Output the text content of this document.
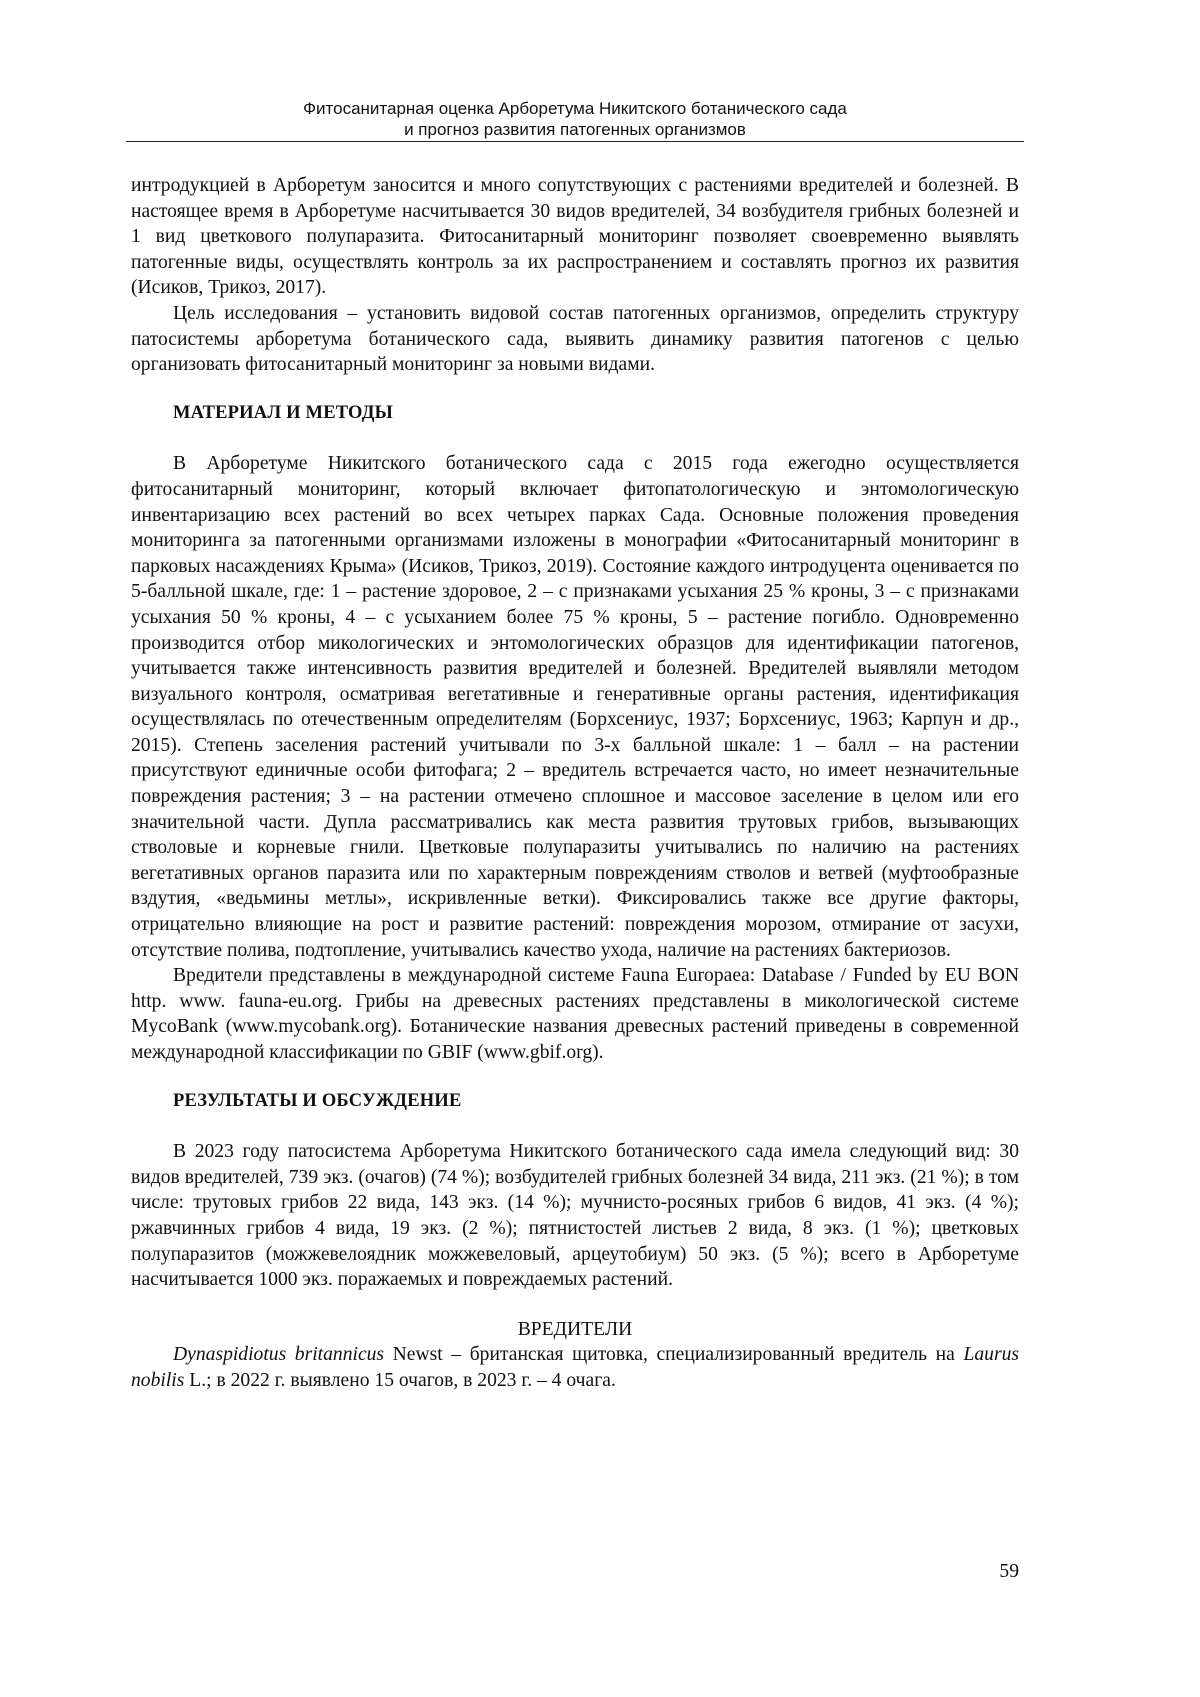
Фитосанитарная оценка Арборетума Никитского ботанического сада
и прогноз развития патогенных организмов

интродукцией в Арборетум заносится и много сопутствующих с растениями вредителей и болезней. В настоящее время в Арборетуме насчитывается 30 видов вредителей, 34 возбудителя грибных болезней и 1 вид цветкового полупаразита. Фитосанитарный мониторинг позволяет своевременно выявлять патогенные виды, осуществлять контроль за их распространением и составлять прогноз их развития (Исиков, Трикоз, 2017).

Цель исследования – установить видовой состав патогенных организмов, определить структуру патосистемы арборетума ботанического сада, выявить динамику развития патогенов с целью организовать фитосанитарный мониторинг за новыми видами.

МАТЕРИАЛ И МЕТОДЫ

В Арборетуме Никитского ботанического сада с 2015 года ежегодно осуществляется фитосанитарный мониторинг, который включает фитопатологическую и энтомологическую инвентаризацию всех растений во всех четырех парках Сада. Основные положения проведения мониторинга за патогенными организмами изложены в монографии «Фитосанитарный мониторинг в парковых насаждениях Крыма» (Исиков, Трикоз, 2019). Состояние каждого интродуцента оценивается по 5-балльной шкале, где: 1 – растение здоровое, 2 – с признаками усыхания 25 % кроны, 3 – с признаками усыхания 50 % кроны, 4 – с усыханием более 75 % кроны, 5 – растение погибло. Одновременно производится отбор микологических и энтомологических образцов для идентификации патогенов, учитывается также интенсивность развития вредителей и болезней. Вредителей выявляли методом визуального контроля, осматривая вегетативные и генеративные органы растения, идентификация осуществлялась по отечественным определителям (Борхсениус, 1937; Борхсениус, 1963; Карпун и др., 2015). Степень заселения растений учитывали по 3-х балльной шкале: 1 – балл – на растении присутствуют единичные особи фитофага; 2 – вредитель встречается часто, но имеет незначительные повреждения растения; 3 – на растении отмечено сплошное и массовое заселение в целом или его значительной части. Дупла рассматривались как места развития трутовых грибов, вызывающих стволовые и корневые гнили. Цветковые полупаразиты учитывались по наличию на растениях вегетативных органов паразита или по характерным повреждениям стволов и ветвей (муфтообразные вздутия, «ведьмины метлы», искривленные ветки). Фиксировались также все другие факторы, отрицательно влияющие на рост и развитие растений: повреждения морозом, отмирание от засухи, отсутствие полива, подтопление, учитывались качество ухода, наличие на растениях бактериозов.

Вредители представлены в международной системе Fauna Europaea: Database / Funded by EU BON http. www. fauna-eu.org. Грибы на древесных растениях представлены в микологической системе MycoBank (www.mycobank.org). Ботанические названия древесных растений приведены в современной международной классификации по GBIF (www.gbif.org).

РЕЗУЛЬТАТЫ И ОБСУЖДЕНИЕ

В 2023 году патосистема Арборетума Никитского ботанического сада имела следующий вид: 30 видов вредителей, 739 экз. (очагов) (74 %); возбудителей грибных болезней 34 вида, 211 экз. (21 %); в том числе: трутовых грибов 22 вида, 143 экз. (14 %); мучнисто-росяных грибов 6 видов, 41 экз. (4 %); ржавчинных грибов 4 вида, 19 экз. (2 %); пятнистостей листьев 2 вида, 8 экз. (1 %); цветковых полупаразитов (можжевелоядник можжевеловый, арцеутобиум) 50 экз. (5 %); всего в Арборетуме насчитывается 1000 экз. поражаемых и повреждаемых растений.

ВРЕДИТЕЛИ

Dynaspidiotus britannicus Newst – британская щитовка, специализированный вредитель на Laurus nobilis L.; в 2022 г. выявлено 15 очагов, в 2023 г. – 4 очага.

59
